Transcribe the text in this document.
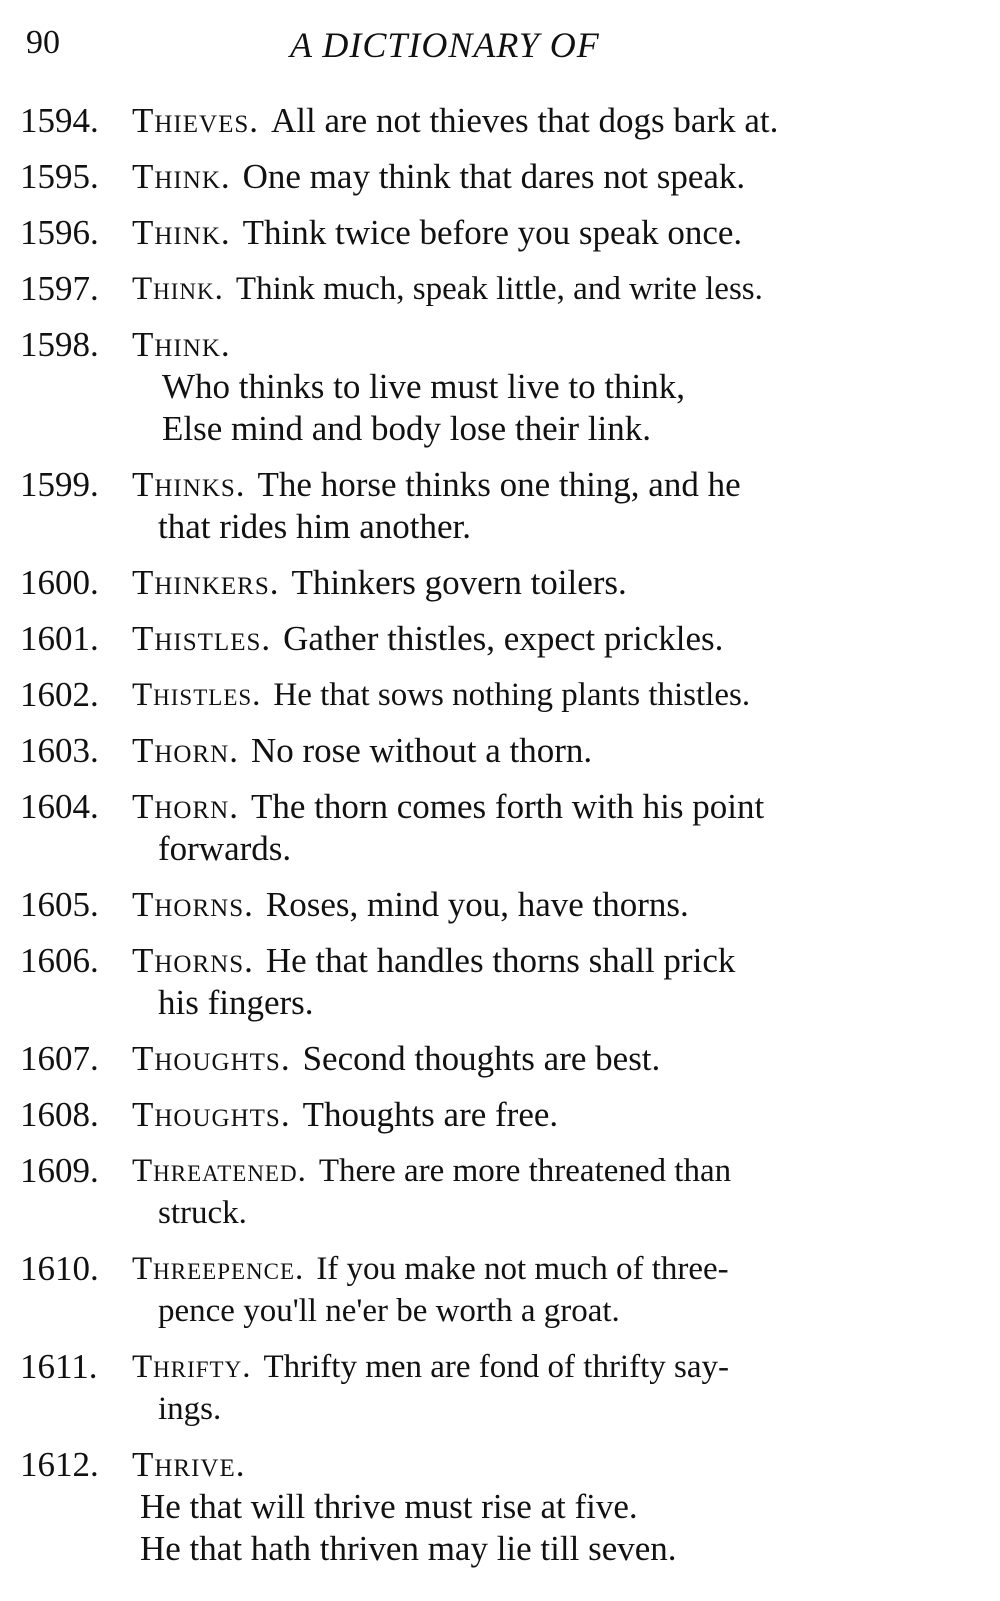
90	A DICTIONARY OF
1594. Thieves. All are not thieves that dogs bark at.
1595. Think. One may think that dares not speak.
1596. Think. Think twice before you speak once.
1597.	Think. Think much, speak little, and write less.
1598. Think.
Who thinks to live must live to think,
Else mind and body lose their link.
1599. Thinks. The horse thinks one thing, and he
that rides him another.
1600. Thinkers. Thinkers govern toilers.
1601. Thistles. Gather thistles, expect prickles.
1602.	Thistles. He that sows nothing plants thistles.
1603. Thorn. No rose without a thorn.
1604. Thorn. The thorn comes forth with his point
forwards.
1605. Thorns. Roses, mind you, have thorns.
1606. Thorns. He that handles thorns shall prick
his fingers.
1607. Thoughts. Second thoughts are best.
1608. Thoughts. Thoughts are free.
1609.	Threatened. There are more threatened than
struck.
1610.	Threepence. If you make not much of three-
pence you'll ne'er be worth a groat.
1611.	Thrifty. Thrifty men are fond of thrifty say-
ings.
1612. Thrive.
He that will thrive must rise at five.
He that hath thriven may lie till seven.
